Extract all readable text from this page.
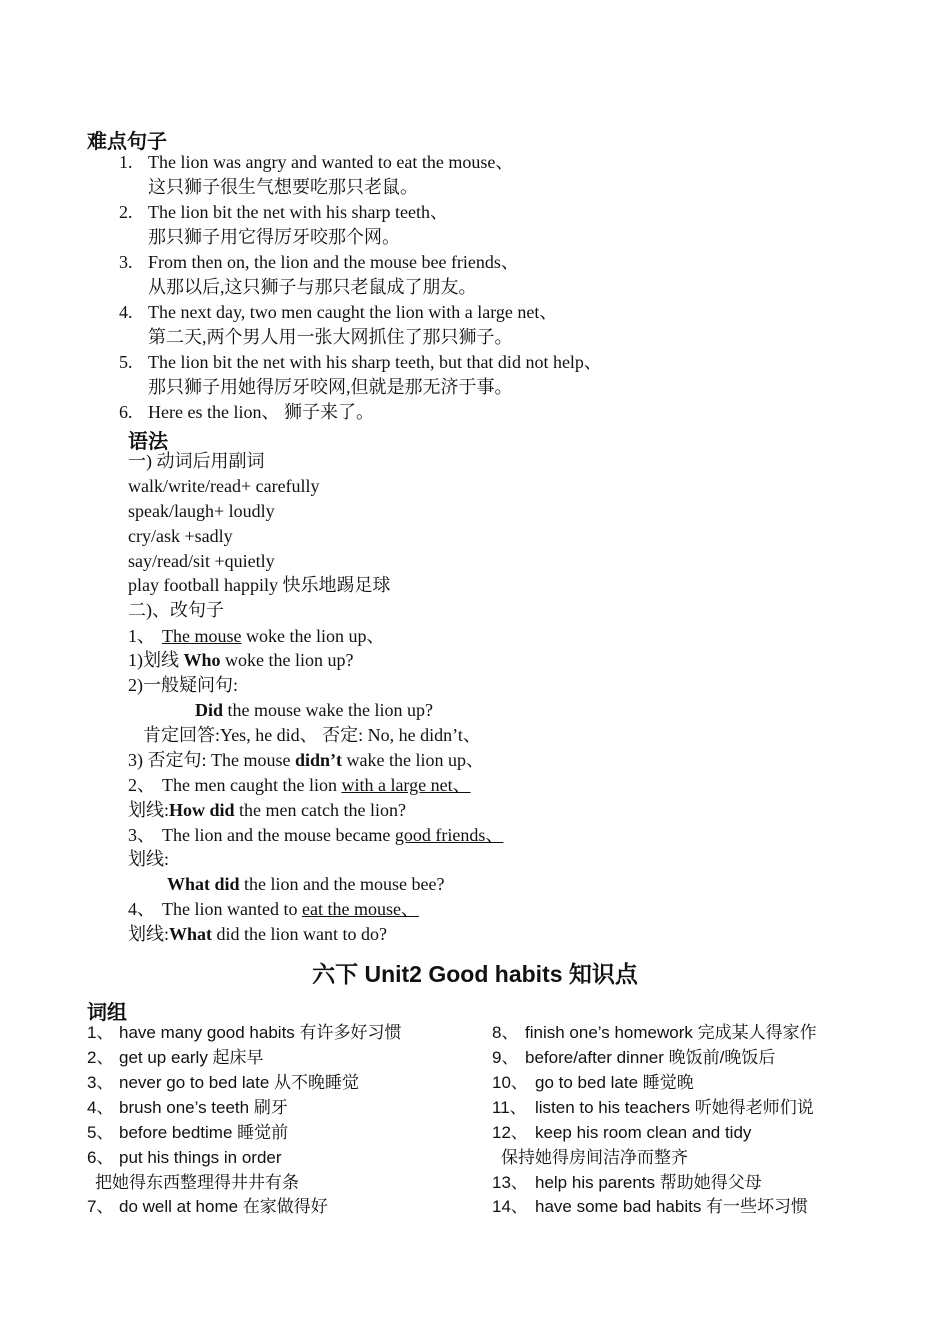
难点句子
1. The lion was angry and wanted to eat the mouse、
这只狮子很生气想要吃那只老鼠。
2. The lion bit the net with his sharp teeth、
那只狮子用它得厉牙咬那个网。
3. From then on, the lion and the mouse bee friends、
从那以后,这只狮子与那只老鼠成了朋友。
4. The next day, two men caught the lion with a large net、
第二天,两个男人用一张大网抓住了那只狮子。
5. The lion bit the net with his sharp teeth, but that did not help、
那只狮子用她得厉牙咬网,但就是那无济于事。
6. Here es the lion、 狮子来了。
语法
一) 动词后用副词
walk/write/read+ carefully
speak/laugh+ loudly
cry/ask +sadly
say/read/sit +quietly
play football happily 快乐地踢足球
二)、改句子
1、 The mouse woke the lion up、
1)划线 Who woke the lion up?
2)一般疑问句:
Did the mouse wake the lion up?
肯定回答:Yes, he did、 否定: No, he didn’t、
3) 否定句: The mouse didn’t wake the lion up、
2、 The men caught the lion with a large net、
划线:How did the men catch the lion?
3、 The lion and the mouse became good friends、
划线:
What did the lion and the mouse bee?
4、 The lion wanted to eat the mouse、
划线:What did the lion want to do?
六下 Unit2 Good habits 知识点
词组
1、 have many good habits 有许多好习惯
2、 get up early 起床早
3、 never go to bed late 从不晚睡觉
4、 brush one’s teeth 刷牙
5、 before bedtime 睡觉前
6、 put his things in order
把她得东西整理得井井有条
7、 do well at home 在家做得好
8、 finish one’s homework 完成某人得家作
9、 before/after dinner 晚饭前/晚饭后
10、 go to bed late 睡觉晚
11、 listen to his teachers 听她得老师们说
12、 keep his room clean and tidy
保持她得房间洁净而整齐
13、 help his parents 帮助她得父母
14、 have some bad habits 有一些坏习惯
